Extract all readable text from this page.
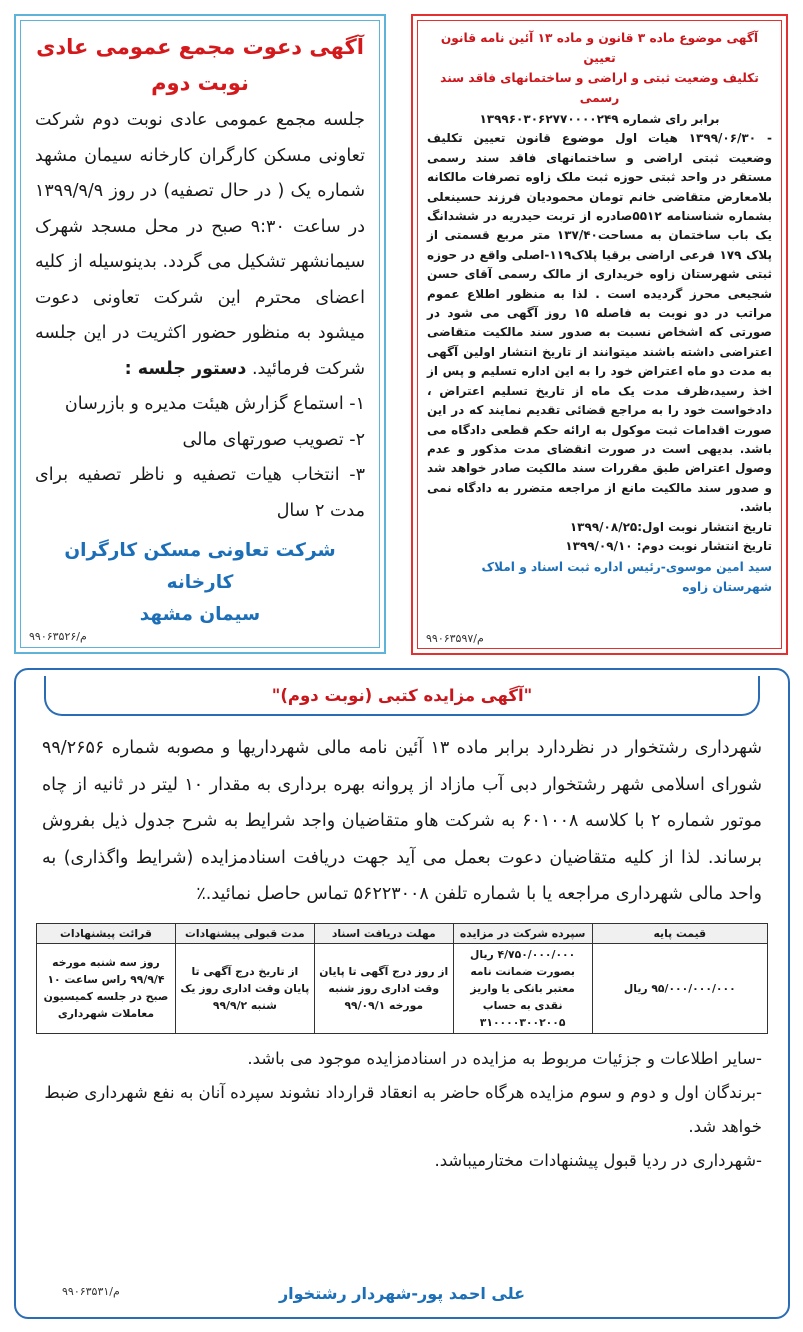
آگهی دعوت مجمع عمومی عادی
نوبت دوم

جلسه مجمع عمومی عادی نوبت دوم شرکت تعاونی مسکن کارگران کارخانه سیمان مشهد شماره یک ( در حال تصفیه) در روز ۱۳۹۹/۹/۹ در ساعت ۹:۳۰ صبح در محل مسجد شهرک سیمانشهر تشکیل می گردد. بدینوسیله از کلیه اعضای محترم این شرکت تعاونی دعوت میشود به منظور حضور اکثریت در این جلسه شرکت فرمائید. دستور جلسه :

۱- استماع گزارش هیئت مدیره و بازرسان

۲- تصویب صورتهای مالی

۳- انتخاب هیات تصفیه و ناظر تصفیه برای مدت ۲ سال

شرکت تعاونی مسکن کارگران کارخانه
سیمان مشهد
م/۹۹۰۶۳۵۲۶
آگهی موضوع ماده ۳ قانون و ماده ۱۳ آئین نامه قانون تعیین
تکلیف وضعیت ثبتی و اراضی و ساختمانهای فاقد سند رسمی

برابر رای شماره ۱۳۹۹۶۰۳۰۶۲۷۷۰۰۰۰۲۴۹

- ۱۳۹۹/۰۶/۳۰ هیات اول موضوع قانون تعیین تکلیف وضعیت ثبتی اراضی و ساختمانهای فاقد سند رسمی مستقر در واحد ثبتی حوزه ثبت ملک زاوه تصرفات مالکانه بلامعارض متقاضی خانم تومان محمودیان فرزند حسینعلی بشماره شناسنامه ۵۵۱۲صادره از تربت حیدریه در ششدانگ یک باب ساختمان به مساحت۱۳۷/۴۰ متر مربع قسمتی از پلاک ۱۷۹ فرعی اراضی برقیا پلاک۱۱۹-اصلی واقع در حوزه ثبتی شهرستان زاوه خریداری از مالک رسمی آقای حسن شجیعی محرز گردیده است . لذا به منظور اطلاع عموم مراتب در دو نوبت به فاصله ۱۵ روز آگهی می شود در صورتی که اشخاص نسبت به صدور سند مالکیت متقاضی اعتراضی داشته باشند میتوانند از تاریخ انتشار اولین آگهی به مدت دو ماه اعتراض خود را به این اداره تسلیم و پس از اخذ رسید،ظرف مدت یک ماه از تاریخ تسلیم اعتراض ، دادخواست خود را به مراجع قضائی تقدیم نمایند که در این صورت اقدامات ثبت موکول به ارائه حکم قطعی دادگاه می باشد. بدیهی است در صورت انقضای مدت مذکور و عدم وصول اعتراض طبق مقررات سند مالکیت صادر خواهد شد و صدور سند مالکیت مانع از مراجعه متضرر به دادگاه نمی باشد.

تاریخ انتشار نوبت اول:۱۳۹۹/۰۸/۲۵

تاریخ انتشار نوبت دوم: ۱۳۹۹/۰۹/۱۰

سید امین موسوی-رئیس اداره ثبت اسناد و املاک شهرستان زاوه
م/۹۹۰۶۳۵۹۷
"آگهی مزایده کتبی (نوبت دوم)"
شهرداری رشتخوار در نظردارد برابر ماده ۱۳ آئین نامه مالی شهرداریها و مصوبه شماره ۹۹/۲۶۵۶ شورای اسلامی شهر رشتخوار دبی آب مازاد از پروانه بهره برداری به مقدار ۱۰ لیتر در ثانیه از چاه موتور شماره ۲ با کلاسه ۶۰۱۰۰۸ به شرکت هاو متقاضیان واجد شرایط به شرح جدول ذیل بفروش برساند. لذا از کلیه متقاضیان دعوت بعمل می آید جهت دریافت اسنادمزایده (شرایط واگذاری) به واحد مالی شهرداری مراجعه یا با شماره تلفن ۵۶۲۲۳۰۰۸ تماس حاصل نمائید.٪
قیمت پایه	سپرده شرکت در مزایده	مهلت دریافت اسناد	مدت قبولی پیشنهادات	قرائت پیشنهادات
۹۵/۰۰۰/۰۰۰/۰۰۰ ریال	۴/۷۵۰/۰۰۰/۰۰۰ ریال بصورت ضمانت نامه معتبر بانکی یا واریز نقدی به حساب ۳۱۰۰۰۰۳۰۰۲۰۰۵	از روز درج آگهی تا پایان وقت اداری روز شنبه مورخه ۹۹/۰۹/۱	از تاریخ درج آگهی تا پایان وقت اداری روز یک شنبه ۹۹/۹/۲	روز سه شنبه مورخه ۹۹/۹/۴ راس ساعت ۱۰ صبح در جلسه کمیسیون معاملات شهرداری

-سایر اطلاعات و جزئیات مربوط به مزایده در اسنادمزایده موجود می باشد.

-برندگان اول و دوم و سوم مزایده هرگاه حاضر به انعقاد قرارداد نشوند سپرده آنان به نفع شهرداری ضبط خواهد شد.

-شهرداری در ردیا قبول پیشنهادات مختارمیباشد.

علی احمد پور-شهردار رشتخوار
م/۹۹۰۶۳۵۳۱
